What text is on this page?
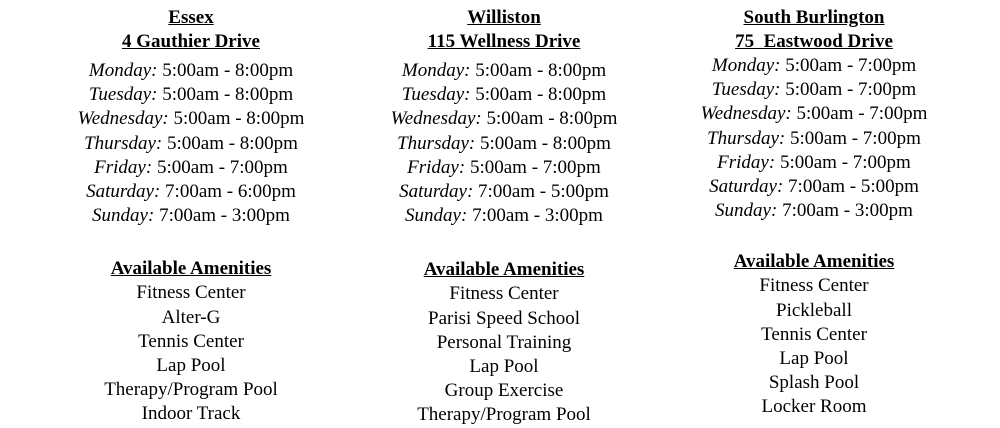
Essex
4 Gauthier Drive
Monday: 5:00am - 8:00pm
Tuesday: 5:00am - 8:00pm
Wednesday: 5:00am - 8:00pm
Thursday: 5:00am - 8:00pm
Friday: 5:00am - 7:00pm
Saturday: 7:00am - 6:00pm
Sunday: 7:00am - 3:00pm
Available Amenities
Fitness Center
Alter-G
Tennis Center
Lap Pool
Therapy/Program Pool
Indoor Track
Williston
115 Wellness Drive
Monday: 5:00am - 8:00pm
Tuesday: 5:00am - 8:00pm
Wednesday: 5:00am - 8:00pm
Thursday: 5:00am - 8:00pm
Friday: 5:00am - 7:00pm
Saturday: 7:00am - 5:00pm
Sunday: 7:00am - 3:00pm
Available Amenities
Fitness Center
Parisi Speed School
Personal Training
Lap Pool
Group Exercise
Therapy/Program Pool
South Burlington
75  Eastwood Drive
Monday: 5:00am - 7:00pm
Tuesday: 5:00am - 7:00pm
Wednesday: 5:00am - 7:00pm
Thursday: 5:00am - 7:00pm
Friday: 5:00am - 7:00pm
Saturday: 7:00am - 5:00pm
Sunday: 7:00am - 3:00pm
Available Amenities
Fitness Center
Pickleball
Tennis Center
Lap Pool
Splash Pool
Locker Room
